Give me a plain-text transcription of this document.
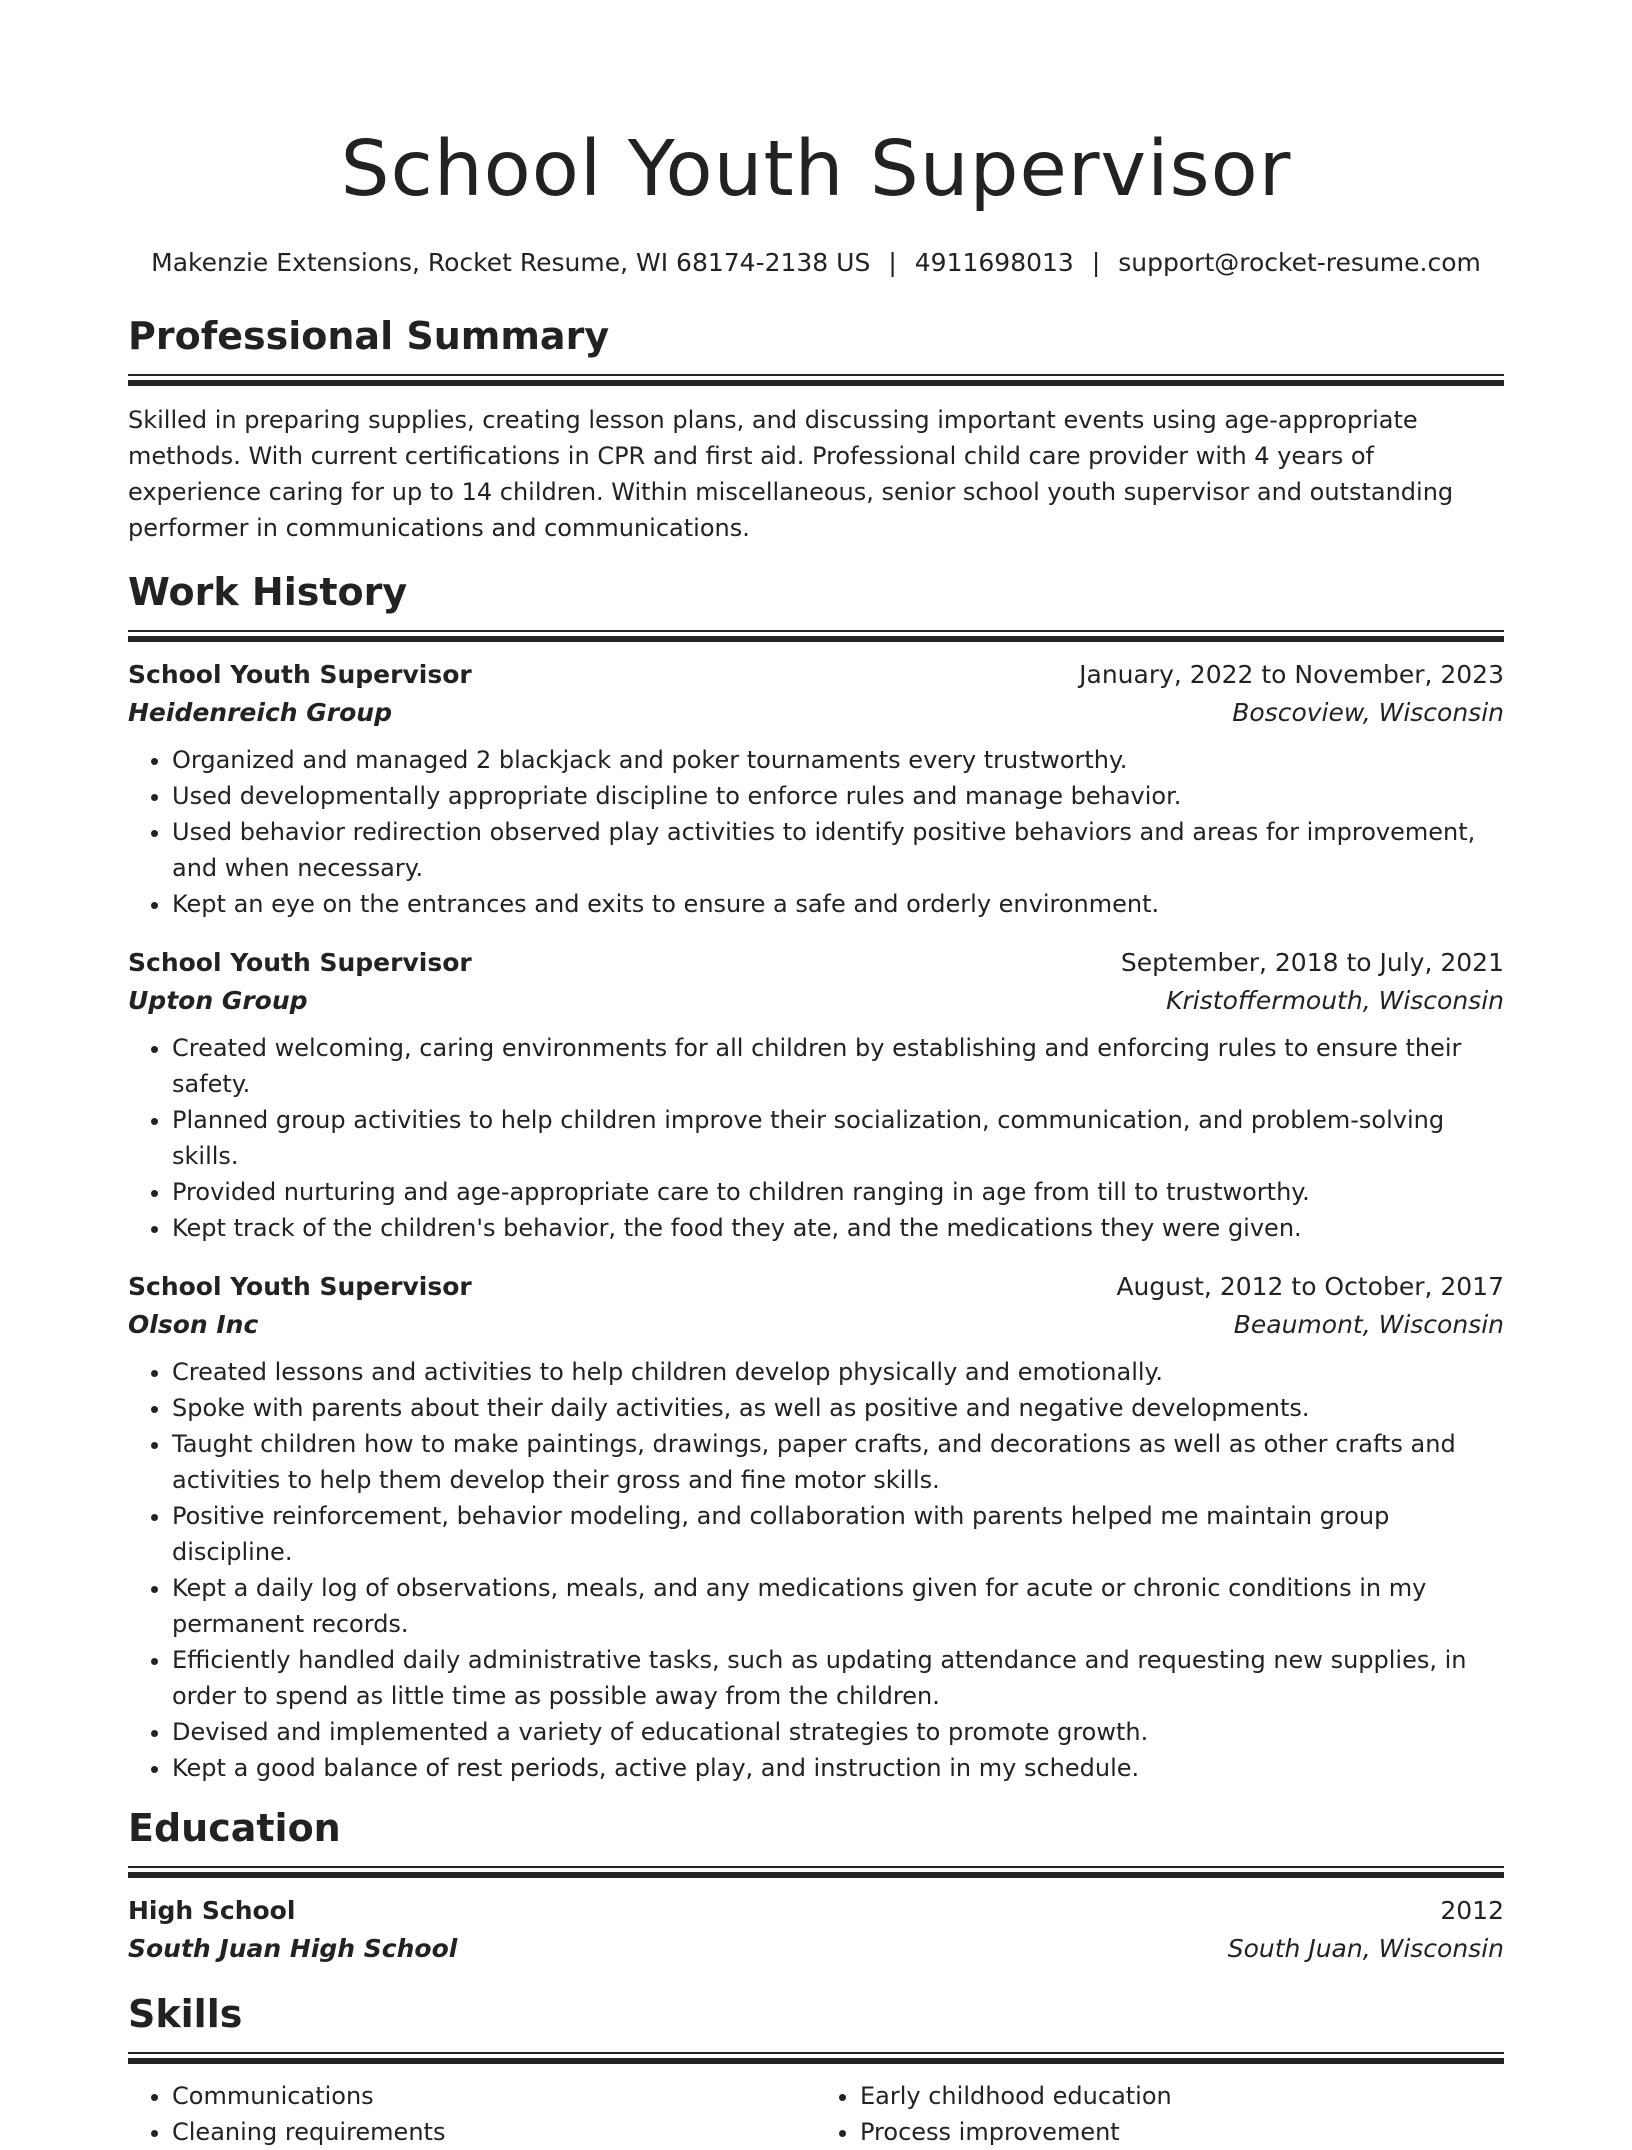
School Youth Supervisor
Makenzie Extensions, Rocket Resume, WI 68174-2138 US | 4911698013 | support@rocket-resume.com
Professional Summary
Skilled in preparing supplies, creating lesson plans, and discussing important events using age-appropriate methods. With current certifications in CPR and first aid. Professional child care provider with 4 years of experience caring for up to 14 children. Within miscellaneous, senior school youth supervisor and outstanding performer in communications and communications.
Work History
School Youth Supervisor	January, 2022 to November, 2023
Heidenreich Group	Boscoview, Wisconsin
• Organized and managed 2 blackjack and poker tournaments every trustworthy.
• Used developmentally appropriate discipline to enforce rules and manage behavior.
• Used behavior redirection observed play activities to identify positive behaviors and areas for improvement, and when necessary.
• Kept an eye on the entrances and exits to ensure a safe and orderly environment.
School Youth Supervisor	September, 2018 to July, 2021
Upton Group	Kristoffermouth, Wisconsin
• Created welcoming, caring environments for all children by establishing and enforcing rules to ensure their safety.
• Planned group activities to help children improve their socialization, communication, and problem-solving skills.
• Provided nurturing and age-appropriate care to children ranging in age from till to trustworthy.
• Kept track of the children's behavior, the food they ate, and the medications they were given.
School Youth Supervisor	August, 2012 to October, 2017
Olson Inc	Beaumont, Wisconsin
• Created lessons and activities to help children develop physically and emotionally.
• Spoke with parents about their daily activities, as well as positive and negative developments.
• Taught children how to make paintings, drawings, paper crafts, and decorations as well as other crafts and activities to help them develop their gross and fine motor skills.
• Positive reinforcement, behavior modeling, and collaboration with parents helped me maintain group discipline.
• Kept a daily log of observations, meals, and any medications given for acute or chronic conditions in my permanent records.
• Efficiently handled daily administrative tasks, such as updating attendance and requesting new supplies, in order to spend as little time as possible away from the children.
• Devised and implemented a variety of educational strategies to promote growth.
• Kept a good balance of rest periods, active play, and instruction in my schedule.
Education
High School	2012
South Juan High School	South Juan, Wisconsin
Skills
• Communications
• Cleaning requirements
• Early childhood education
• Process improvement
